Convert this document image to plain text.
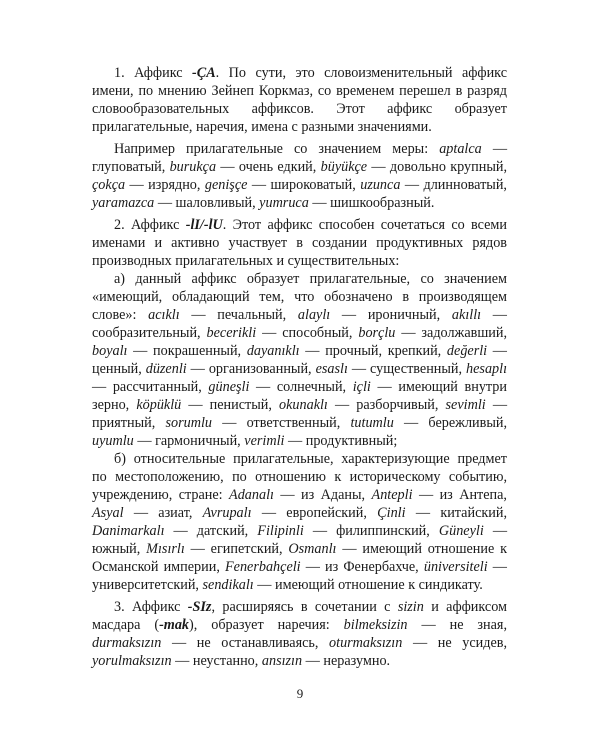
1. Аффикс -ÇA. По сути, это словоизменительный аффикс имени, по мнению Зейнеп Коркмаз, со временем перешел в разряд словообразовательных аффиксов. Этот аффикс образует прилагательные, наречия, имена с разными значениями.

Например прилагательные со значением меры: aptalca — глуповатый, burukça — очень едкий, büyükçe — довольно крупный, çokça — изрядно, genişçe — широковатый, uzunca — длинноватый, yaramazca — шаловливый, yumruca — шишкообразный.

2. Аффикс -lI/-lU. Этот аффикс способен сочетаться со всеми именами и активно участвует в создании продуктивных рядов производных прилагательных и существительных:

а) данный аффикс образует прилагательные, со значением «имеющий, обладающий тем, что обозначено в производящем слове»: acıklı — печальный, alaylı — ироничный, akıllı — сообразительный, becerikli — способный, borçlu — задолжавший, boyalı — покрашенный, dayanıklı — прочный, крепкий, değerli — ценный, düzenli — организованный, esaslı — существенный, hesaplı — рассчитанный, güneşli — солнечный, içli — имеющий внутри зерно, köpüklü — пенистый, okunaklı — разборчивый, sevimli — приятный, sorumlu — ответственный, tutumlu — бережливый, uyumlu — гармоничный, verimli — продуктивный;

б) относительные прилагательные, характеризующие предмет по местоположению, по отношению к историческому событию, учреждению, стране: Adanalı — из Аданы, Antepli — из Антепа, Asyal — азиат, Avrupalı — европейский, Çinli — китайский, Danimarkalı — датский, Filipinli — филиппинский, Güneyli — южный, Mısırlı — египетский, Osmanlı — имеющий отношение к Османской империи, Fenerbahçeli — из Фенербахче, üniversiteli — университетский, sendikalı — имеющий отношение к синдикату.

3. Аффикс -SIz, расширяясь в сочетании с sizin и аффиксом масдара (-mak), образует наречия: bilmeksizin — не зная, durmaksızın — не останавливаясь, oturmaksızın — не усидев, yorulmaksızın — неустанно, ansızın — неразумно.

9
